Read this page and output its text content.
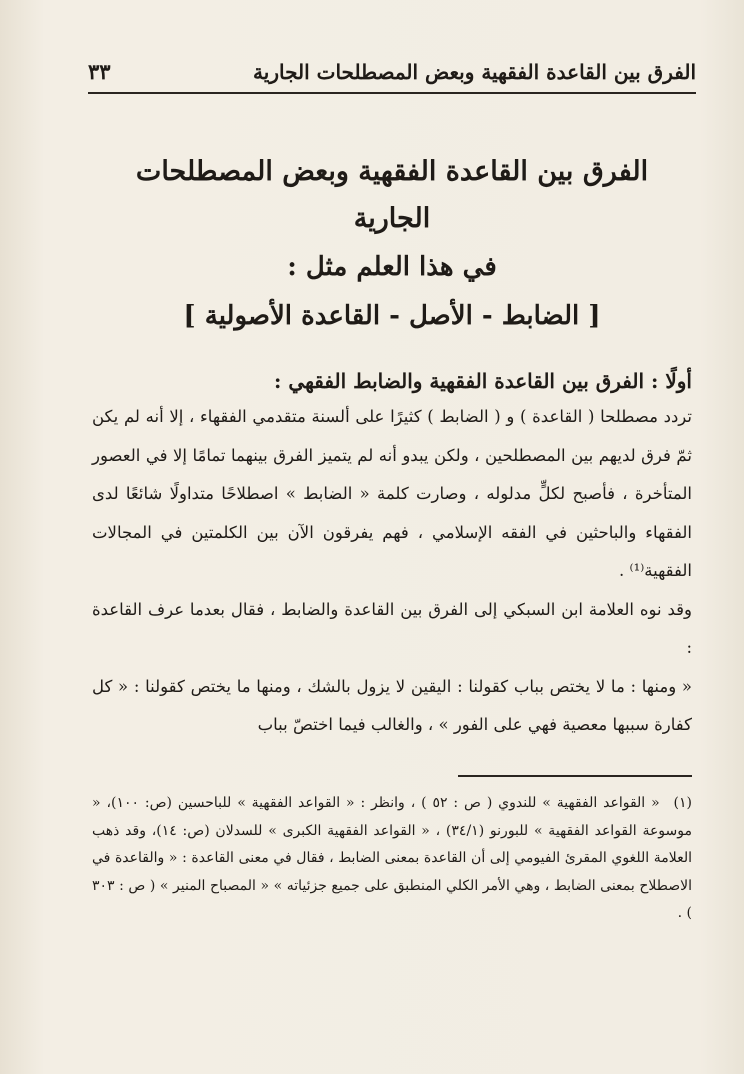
الفرق بين القاعدة الفقهية وبعض المصطلحات الجارية
٣٣
الفرق بين القاعدة الفقهية وبعض المصطلحات
الجارية
في هذا العلم مثل :
[ الضابط - الأصل - القاعدة الأصولية ]
أولًا : الفرق بين القاعدة الفقهية والضابط الفقهي :

تردد مصطلحا ( القاعدة ) و ( الضابط ) كثيرًا على ألسنة متقدمي الفقهاء ، إلا أنه لم يكن ثمّ فرق لديهم بين المصطلحين ، ولكن يبدو أنه لم يتميز الفرق بينهما تمامًا إلا في العصور المتأخرة ، فأصبح لكلٍّ مدلوله ، وصارت كلمة « الضابط » اصطلاحًا متداولًا شائعًا لدى الفقهاء والباحثين في الفقه الإسلامي ، فهم يفرقون الآن بين الكلمتين في المجالات الفقهية⁽¹⁾ .

وقد نوه العلامة ابن السبكي إلى الفرق بين القاعدة والضابط ، فقال بعدما عرف القاعدة :

« ومنها : ما لا يختص بباب كقولنا : اليقين لا يزول بالشك ، ومنها ما يختص كقولنا : « كل كفارة سببها معصية فهي على الفور » ، والغالب فيما اختصّ بباب

(١) « القواعد الفقهية » للندوي ( ص : ٥٢ ) ، وانظر : « القواعد الفقهية » للباحسين (ص: ١٠٠)، « موسوعة القواعد الفقهية » للبورنو (٣٤/١) ، « القواعد الفقهية الكبرى » للسدلان (ص: ١٤)، وقد ذهب العلامة اللغوي المقرئ الفيومي إلى أن القاعدة بمعنى الضابط ، فقال في معنى القاعدة : « والقاعدة في الاصطلاح بمعنى الضابط ، وهي الأمر الكلي المنطبق على جميع جزئياته » « المصباح المنير » ( ص : ٣٠٣ ) .
